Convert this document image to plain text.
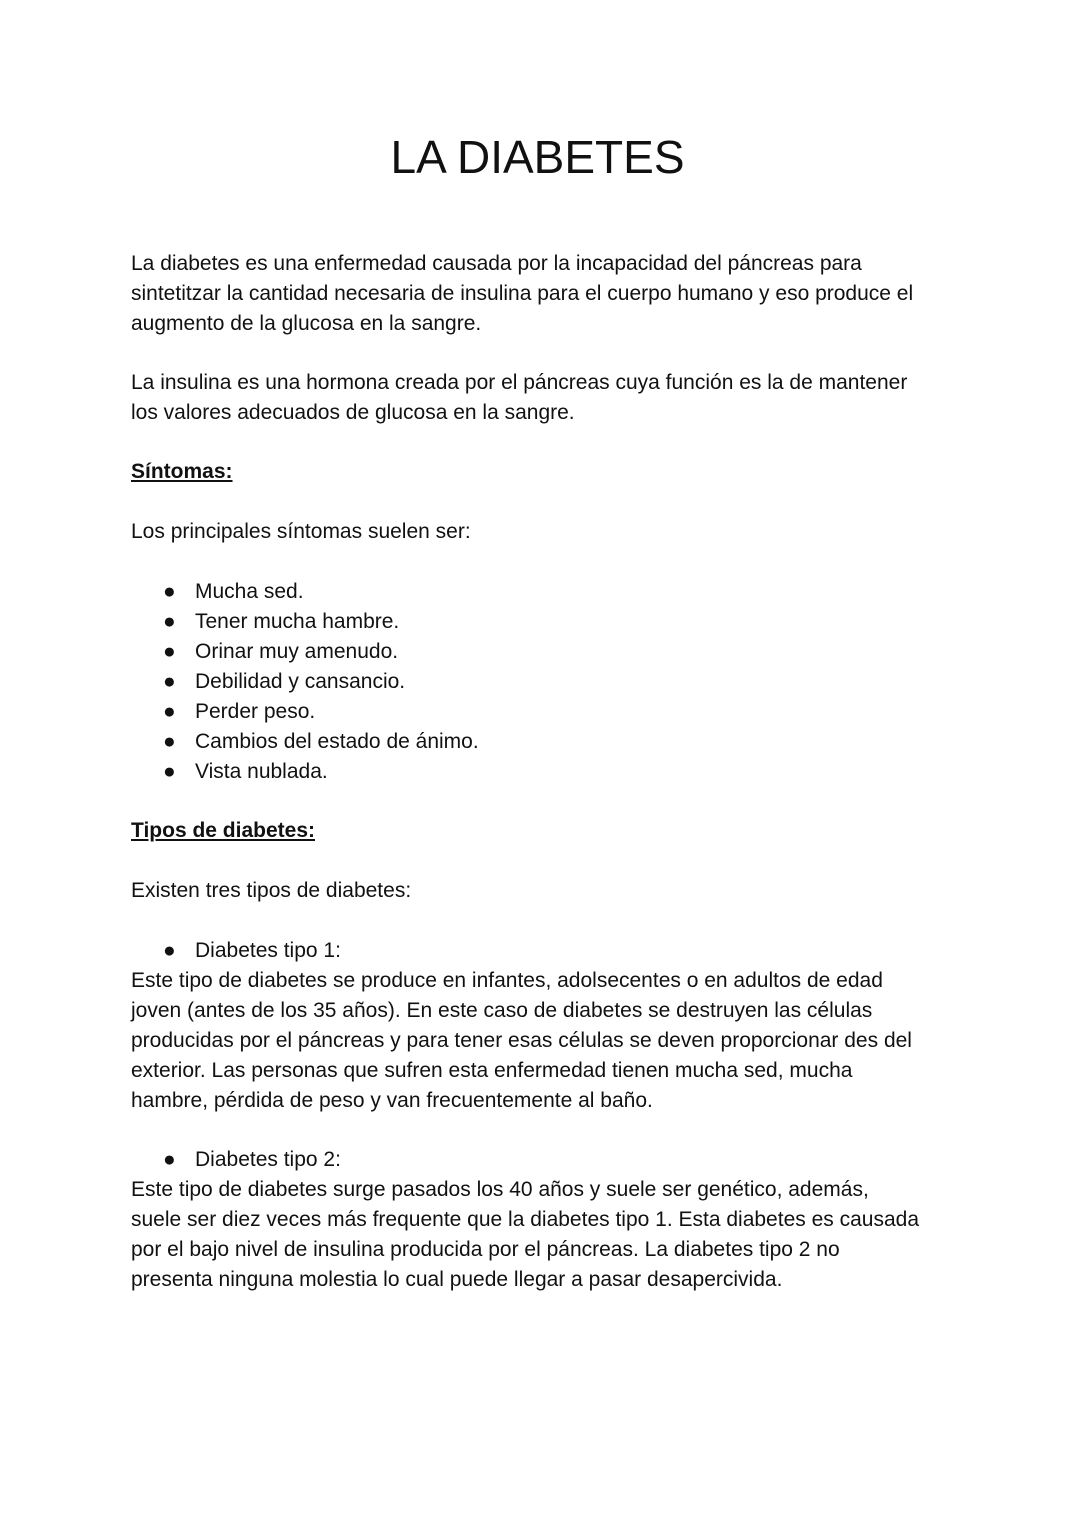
LA DIABETES
La diabetes es una enfermedad causada por la incapacidad del páncreas para
sintetitzar la cantidad necesaria de insulina para el cuerpo humano y eso produce el
augmento de la glucosa en la sangre.
La insulina es una hormona creada por el páncreas cuya función es la de mantener
los valores adecuados de glucosa en la sangre.
Síntomas:
Los principales síntomas suelen ser:
● Mucha sed.
● Tener mucha hambre.
● Orinar muy amenudo.
● Debilidad y cansancio.
● Perder peso.
● Cambios del estado de ánimo.
● Vista nublada.
Tipos de diabetes:
Existen tres tipos de diabetes:
● Diabetes tipo 1:
Este tipo de diabetes se produce en infantes, adolsecentes o en adultos de edad
joven (antes de los 35 años). En este caso de diabetes se destruyen las células
producidas por el páncreas y para tener esas células se deven proporcionar des del
exterior. Las personas que sufren esta enfermedad tienen mucha sed, mucha
hambre, pérdida de peso y van frecuentemente al baño.
● Diabetes tipo 2:
Este tipo de diabetes surge pasados los 40 años y suele ser genético, además,
suele ser diez veces más frequente que la diabetes tipo 1. Esta diabetes es causada
por el bajo nivel de insulina producida por el páncreas. La diabetes tipo 2 no
presenta ninguna molestia lo cual puede llegar a pasar desapercivida.
